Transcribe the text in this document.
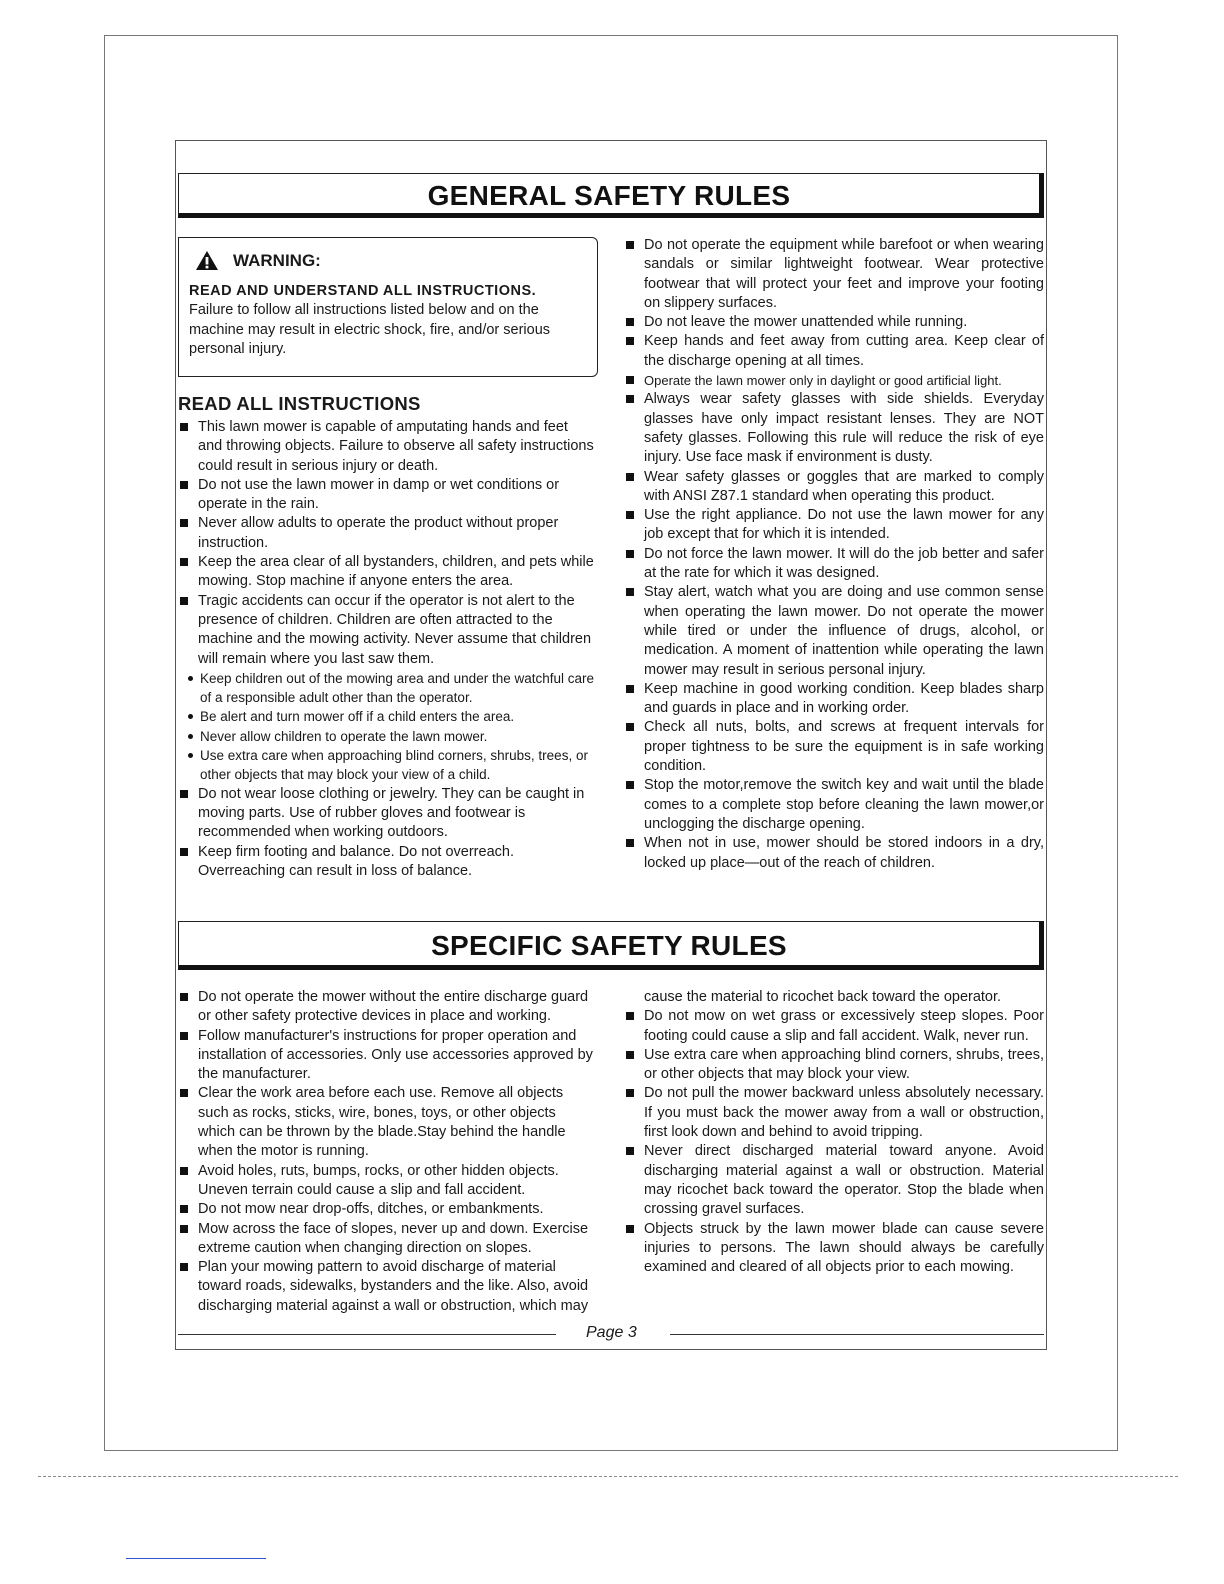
GENERAL SAFETY RULES
WARNING:
READ AND UNDERSTAND ALL INSTRUCTIONS.
Failure to follow all instructions listed below and on the machine may result in electric shock, fire, and/or serious personal injury.
READ ALL INSTRUCTIONS
This lawn mower is capable of amputating hands and feet and throwing objects. Failure to observe all safety instructions could result in serious injury or death.
Do not use the lawn mower in damp or wet conditions or operate in the rain.
Never allow adults to operate the product without proper instruction.
Keep the area clear of all bystanders, children, and pets while mowing. Stop machine if anyone enters the area.
Tragic accidents can occur if the operator is not alert to the presence of children. Children are often attracted to the machine and the mowing activity. Never assume that children will remain where you last saw them.
Keep children out of the mowing area and under the watchful care of a responsible adult other than the operator.
Be alert and turn mower off if a child enters the area.
Never allow children to operate the lawn mower.
Use extra care when approaching blind corners, shrubs, trees, or other objects that may block your view of a child.
Do not wear loose clothing or jewelry. They can be caught in moving parts. Use of rubber gloves and footwear is recommended when working outdoors.
Keep firm footing and balance. Do not overreach. Overreaching can result in loss of balance.
Do not operate the equipment while barefoot or when wearing sandals or similar lightweight footwear. Wear protective footwear that will protect your feet and improve your footing on slippery surfaces.
Do not leave the mower unattended while running.
Keep hands and feet away from cutting area. Keep clear of the discharge opening at all times.
Operate the lawn mower only in daylight or good artificial light.
Always wear safety glasses with side shields. Everyday glasses have only impact resistant lenses. They are NOT safety glasses. Following this rule will reduce the risk of eye injury. Use face mask if environment is dusty.
Wear safety glasses or goggles that are marked to comply with ANSI Z87.1 standard when operating this product.
Use the right appliance. Do not use the lawn mower for any job except that for which it is intended.
Do not force the lawn mower. It will do the job better and safer at the rate for which it was designed.
Stay alert, watch what you are doing and use common sense when operating the lawn mower. Do not operate the mower while tired or under the influence of drugs, alcohol, or medication. A moment of inattention while operating the lawn mower may result in serious personal injury.
Keep machine in good working condition. Keep blades sharp and guards in place and in working order.
Check all nuts, bolts, and screws at frequent intervals for proper tightness to be sure the equipment is in safe working condition.
Stop the motor,remove the switch key and wait until the blade comes to a complete stop before cleaning the lawn mower,or unclogging the discharge opening.
When not in use, mower should be stored indoors in a dry, locked up place—out of the reach of children.
SPECIFIC SAFETY RULES
Do not operate the mower without the entire discharge guard or other safety protective devices in place and working.
Follow manufacturer's instructions for proper operation and installation of accessories. Only use accessories approved by the manufacturer.
Clear the work area before each use. Remove all objects such as rocks, sticks, wire, bones, toys, or other objects which can be thrown by the blade.Stay behind the handle when the motor is running.
Avoid holes, ruts, bumps, rocks, or other hidden objects. Uneven terrain could cause a slip and fall accident.
Do not mow near drop-offs, ditches, or embankments.
Mow across the face of slopes, never up and down. Exercise extreme caution when changing direction on slopes.
Plan your mowing pattern to avoid discharge of material toward roads, sidewalks, bystanders and the like. Also, avoid discharging material against a wall or obstruction, which may
cause the material to ricochet back toward the operator.
Do not mow on wet grass or excessively steep slopes. Poor footing could cause a slip and fall accident. Walk, never run.
Use extra care when approaching blind corners, shrubs, trees, or other objects that may block your view.
Do not pull the mower backward unless absolutely necessary. If you must back the mower away from a wall or obstruction, first look down and behind to avoid tripping.
Never direct discharged material toward anyone. Avoid discharging material against a wall or obstruction. Material may ricochet back toward the operator. Stop the blade when crossing gravel surfaces.
Objects struck by the lawn mower blade can cause severe injuries to persons. The lawn should always be carefully examined and cleared of all objects prior to each mowing.
Page 3
